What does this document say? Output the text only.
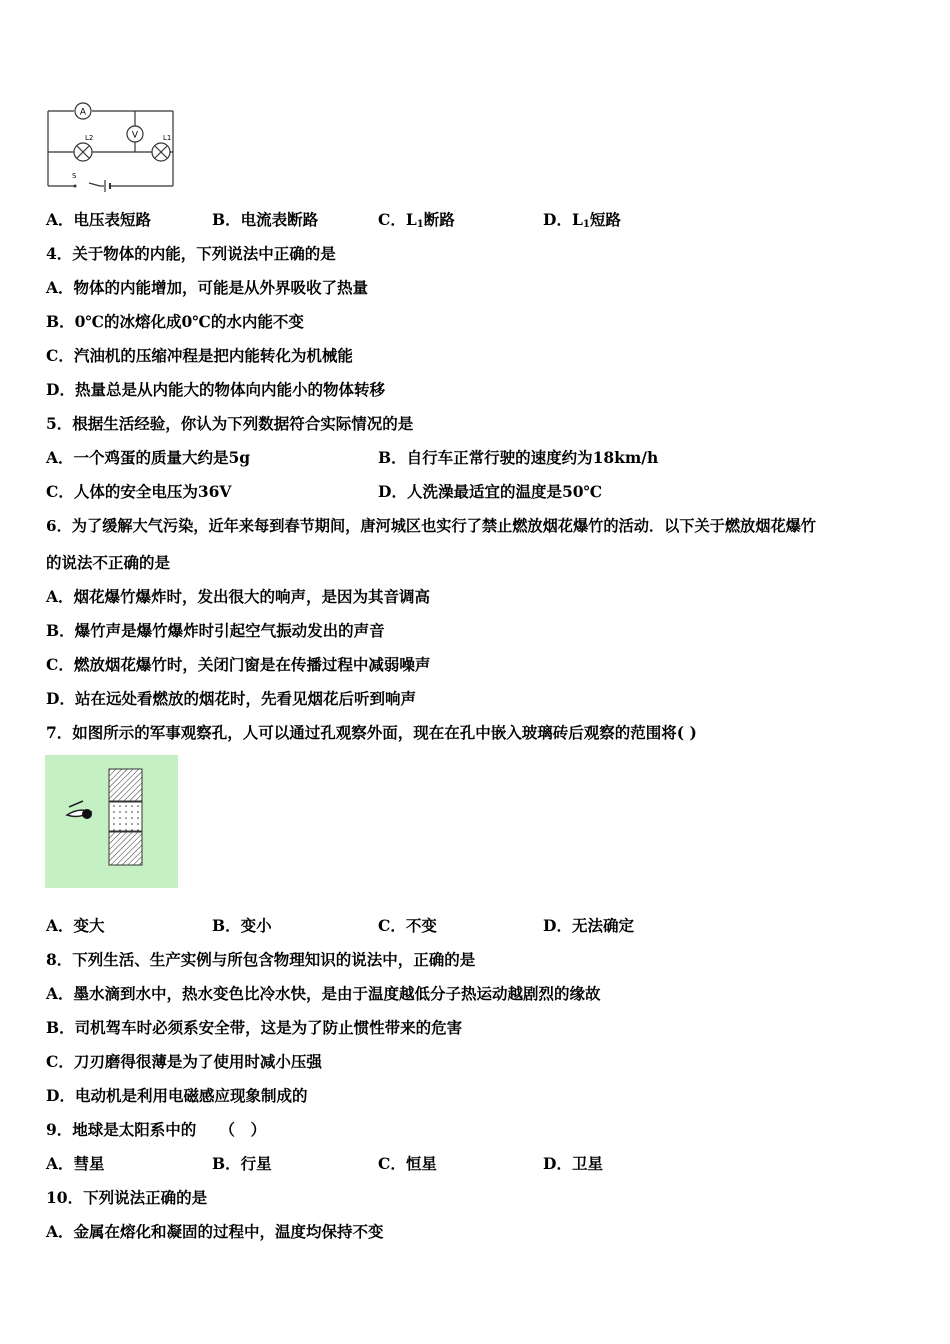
A
V
L2	L1
S
A．电压表短路	B．电流表断路	C．$L_1$断路	D．$L_1$短路
4．关于物体的内能，下列说法中正确的是
A．物体的内能增加，可能是从外界吸收了热量
B．0℃的冰熔化成0℃的水内能不变
C．汽油机的压缩冲程是把内能转化为机械能
D．热量总是从内能大的物体向内能小的物体转移
5．根据生活经验，你认为下列数据符合实际情况的是
A．一个鸡蛋的质量大约是5g	B．自行车正常行驶的速度约为18km/h
C．人体的安全电压为36V	D．人洗澡最适宜的温度是50℃
6．为了缓解大气污染，近年来每到春节期间，唐河城区也实行了禁止燃放烟花爆竹的活动．以下关于燃放烟花爆竹
的说法不正确的是
A．烟花爆竹爆炸时，发出很大的响声，是因为其音调高
B．爆竹声是爆竹爆炸时引起空气振动发出的声音
C．燃放烟花爆竹时，关闭门窗是在传播过程中减弱噪声
D．站在远处看燃放的烟花时，先看见烟花后听到响声
7．如图所示的军事观察孔，人可以通过孔观察外面，现在在孔中嵌入玻璃砖后观察的范围将( )
A．变大	B．变小	C．不变	D．无法确定
8．下列生活、生产实例与所包含物理知识的说法中，正确的是
A．墨水滴到水中，热水变色比冷水快，是由于温度越低分子热运动越剧烈的缘故
B．司机驾车时必须系安全带，这是为了防止惯性带来的危害
C．刀刃磨得很薄是为了使用时减小压强
D．电动机是利用电磁感应现象制成的
9．地球是太阳系中的　　（　）
A．彗星	B．行星	C．恒星	D．卫星
10．下列说法正确的是
A．金属在熔化和凝固的过程中，温度均保持不变
